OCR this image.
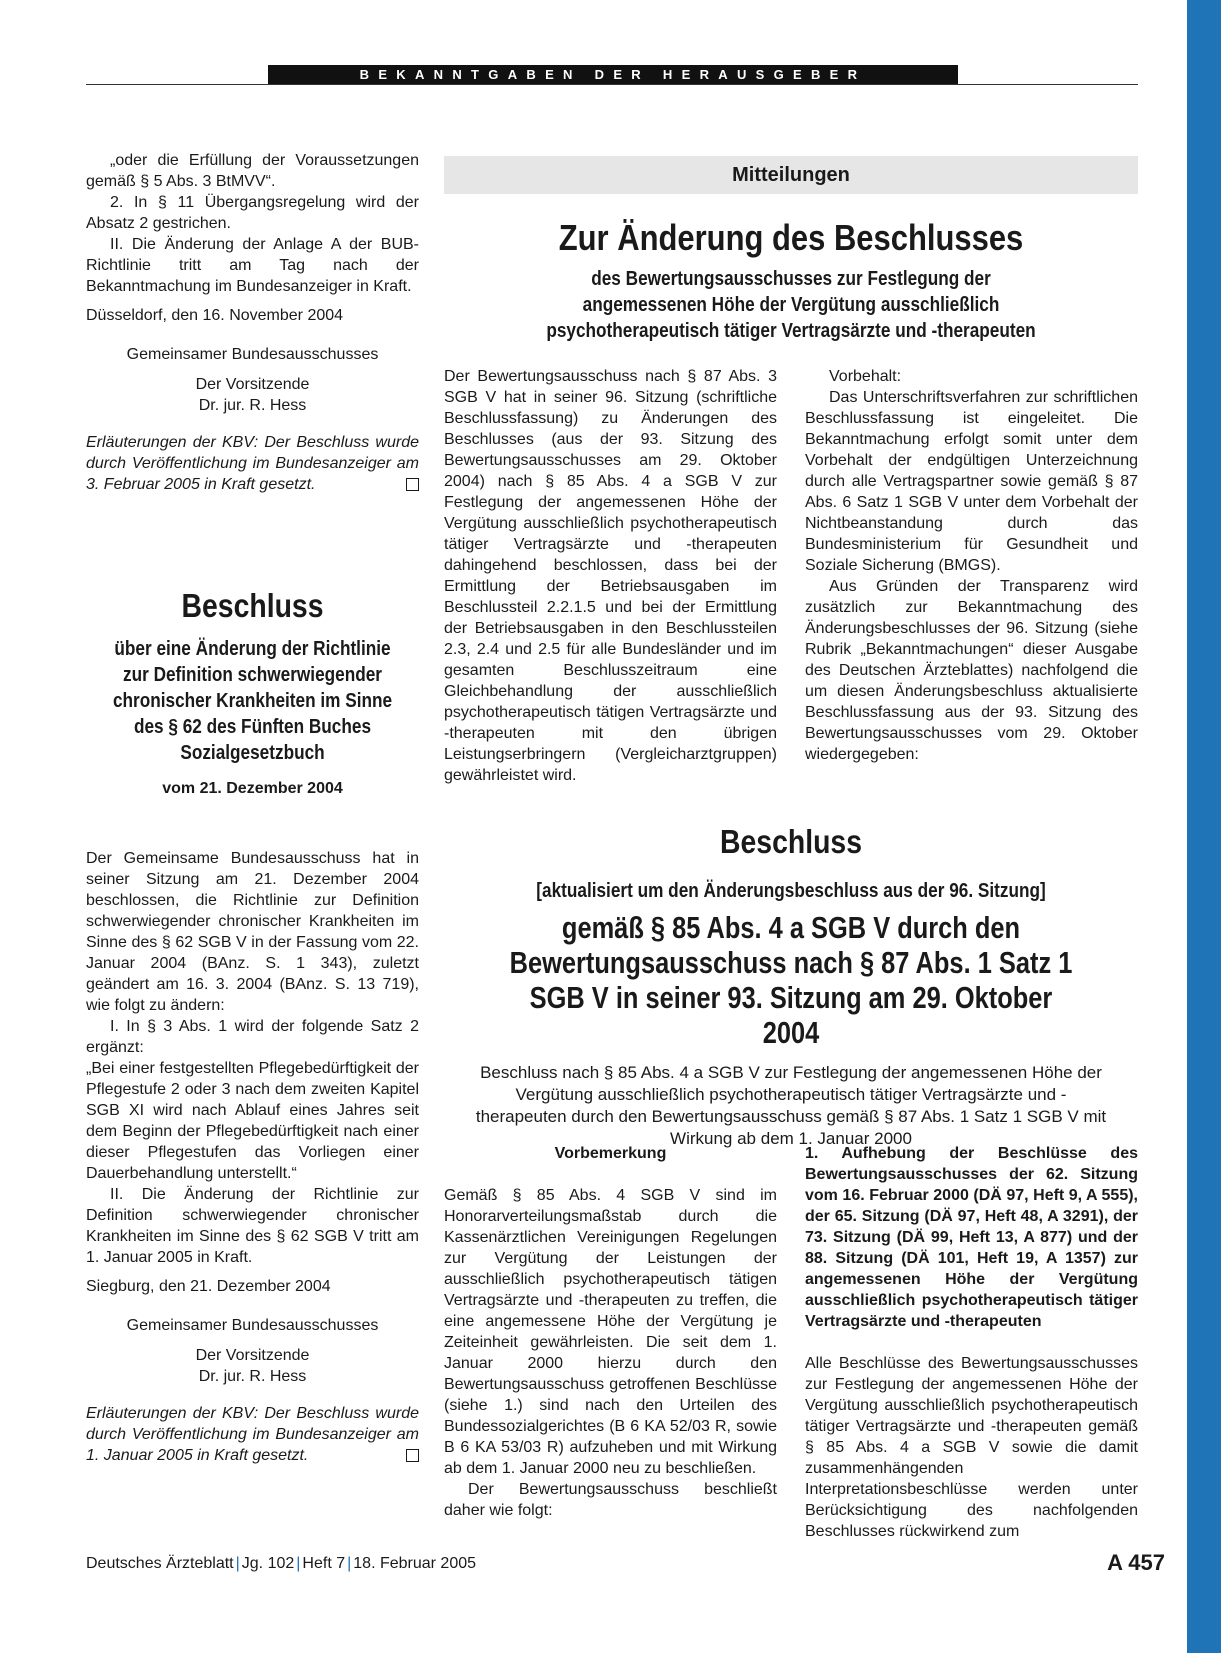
BEKANNTGABEN DER HERAUSGEBER

„oder die Erfüllung der Voraussetzungen gemäß § 5 Abs. 3 BtMVV“.

2. In § 11 Übergangsregelung wird der Absatz 2 gestrichen.

II. Die Änderung der Anlage A der BUB-Richtlinie tritt am Tag nach der Bekanntmachung im Bundesanzeiger in Kraft.

Düsseldorf, den 16. November 2004

Gemeinsamer Bundesausschusses

Der Vorsitzende

Dr. jur. R. Hess

Erläuterungen der KBV: Der Beschluss wurde durch Veröffentlichung im Bundesanzeiger am 3. Februar 2005 in Kraft gesetzt.

Beschluss

über eine Änderung der Richtlinie zur Definition schwerwiegender chronischer Krankheiten im Sinne des § 62 des Fünften Buches Sozialgesetzbuch

vom 21. Dezember 2004

Der Gemeinsame Bundesausschuss hat in seiner Sitzung am 21. Dezember 2004 beschlossen, die Richtlinie zur Definition schwerwiegender chronischer Krankheiten im Sinne des § 62 SGB V in der Fassung vom 22. Januar 2004 (BAnz. S. 1 343), zuletzt geändert am 16. 3. 2004 (BAnz. S. 13 719), wie folgt zu ändern:

I. In § 3 Abs. 1 wird der folgende Satz 2 ergänzt:

„Bei einer festgestellten Pflegebedürftigkeit der Pflegestufe 2 oder 3 nach dem zweiten Kapitel SGB XI wird nach Ablauf eines Jahres seit dem Beginn der Pflegebedürftigkeit nach einer dieser Pflegestufen das Vorliegen einer Dauerbehandlung unterstellt.“

II. Die Änderung der Richtlinie zur Definition schwerwiegender chronischer Krankheiten im Sinne des § 62 SGB V tritt am 1. Januar 2005 in Kraft.

Siegburg, den 21. Dezember 2004

Gemeinsamer Bundesausschusses

Der Vorsitzende

Dr. jur. R. Hess

Erläuterungen der KBV: Der Beschluss wurde durch Veröffentlichung im Bundesanzeiger am 1. Januar 2005 in Kraft gesetzt.

Mitteilungen

Zur Änderung des Beschlusses

des Bewertungsausschusses zur Festlegung der angemessenen Höhe der Vergütung ausschließlich psychotherapeutisch tätiger Vertragsärzte und -therapeuten

Der Bewertungsausschuss nach § 87 Abs. 3 SGB V hat in seiner 96. Sitzung (schriftliche Beschlussfassung) zu Änderungen des Beschlusses (aus der 93. Sitzung des Bewertungsausschusses am 29. Oktober 2004) nach § 85 Abs. 4 a SGB V zur Festlegung der angemessenen Höhe der Vergütung ausschließlich psychotherapeutisch tätiger Vertragsärzte und -therapeuten dahingehend beschlossen, dass bei der Ermittlung der Betriebsausgaben im Beschlussteil 2.2.1.5 und bei der Ermittlung der Betriebsausgaben in den Beschlussteilen 2.3, 2.4 und 2.5 für alle Bundesländer und im gesamten Beschlusszeitraum eine Gleichbehandlung der ausschließlich psychotherapeutisch tätigen Vertragsärzte und -therapeuten mit den übrigen Leistungserbringern (Vergleicharztgruppen) gewährleistet wird.

Vorbehalt:

Das Unterschriftsverfahren zur schriftlichen Beschlussfassung ist eingeleitet. Die Bekanntmachung erfolgt somit unter dem Vorbehalt der endgültigen Unterzeichnung durch alle Vertragspartner sowie gemäß § 87 Abs. 6 Satz 1 SGB V unter dem Vorbehalt der Nichtbeanstandung durch das Bundesministerium für Gesundheit und Soziale Sicherung (BMGS).

Aus Gründen der Transparenz wird zusätzlich zur Bekanntmachung des Änderungsbeschlusses der 96. Sitzung (siehe Rubrik „Bekanntmachungen“ dieser Ausgabe des Deutschen Ärzteblattes) nachfolgend die um diesen Änderungsbeschluss aktualisierte Beschlussfassung aus der 93. Sitzung des Bewertungsausschusses vom 29. Oktober wiedergegeben:

Beschluss

[aktualisiert um den Änderungsbeschluss aus der 96. Sitzung]

gemäß § 85 Abs. 4 a SGB V durch den Bewertungsausschuss nach § 87 Abs. 1 Satz 1 SGB V in seiner 93. Sitzung am 29. Oktober 2004

Beschluss nach § 85 Abs. 4 a SGB V zur Festlegung der angemessenen Höhe der Vergütung ausschließlich psychotherapeutisch tätiger Vertragsärzte und -therapeuten durch den Bewertungsausschuss gemäß § 87 Abs. 1 Satz 1 SGB V mit Wirkung ab dem 1. Januar 2000

Vorbemerkung

Gemäß § 85 Abs. 4 SGB V sind im Honorarverteilungsmaßstab durch die Kassenärztlichen Vereinigungen Regelungen zur Vergütung der Leistungen der ausschließlich psychotherapeutisch tätigen Vertragsärzte und -therapeuten zu treffen, die eine angemessene Höhe der Vergütung je Zeiteinheit gewährleisten. Die seit dem 1. Januar 2000 hierzu durch den Bewertungsausschuss getroffenen Beschlüsse (siehe 1.) sind nach den Urteilen des Bundessozialgerichtes (B 6 KA 52/03 R, sowie B 6 KA 53/03 R) aufzuheben und mit Wirkung ab dem 1. Januar 2000 neu zu beschließen.

Der Bewertungsausschuss beschließt daher wie folgt:

1. Aufhebung der Beschlüsse des Bewertungsausschusses der 62. Sitzung vom 16. Februar 2000 (DÄ 97, Heft 9, A 555), der 65. Sitzung (DÄ 97, Heft 48, A 3291), der 73. Sitzung (DÄ 99, Heft 13, A 877) und der 88. Sitzung (DÄ 101, Heft 19, A 1357) zur angemessenen Höhe der Vergütung ausschließlich psychotherapeutisch tätiger Vertragsärzte und -therapeuten

Alle Beschlüsse des Bewertungsausschusses zur Festlegung der angemessenen Höhe der Vergütung ausschließlich psychotherapeutisch tätiger Vertragsärzte und -therapeuten gemäß § 85 Abs. 4 a SGB V sowie die damit zusammenhängenden Interpretationsbeschlüsse werden unter Berücksichtigung des nachfolgenden Beschlusses rückwirkend zum

Deutsches Ärzteblatt | Jg. 102 | Heft 7 | 18. Februar 2005	A 457
